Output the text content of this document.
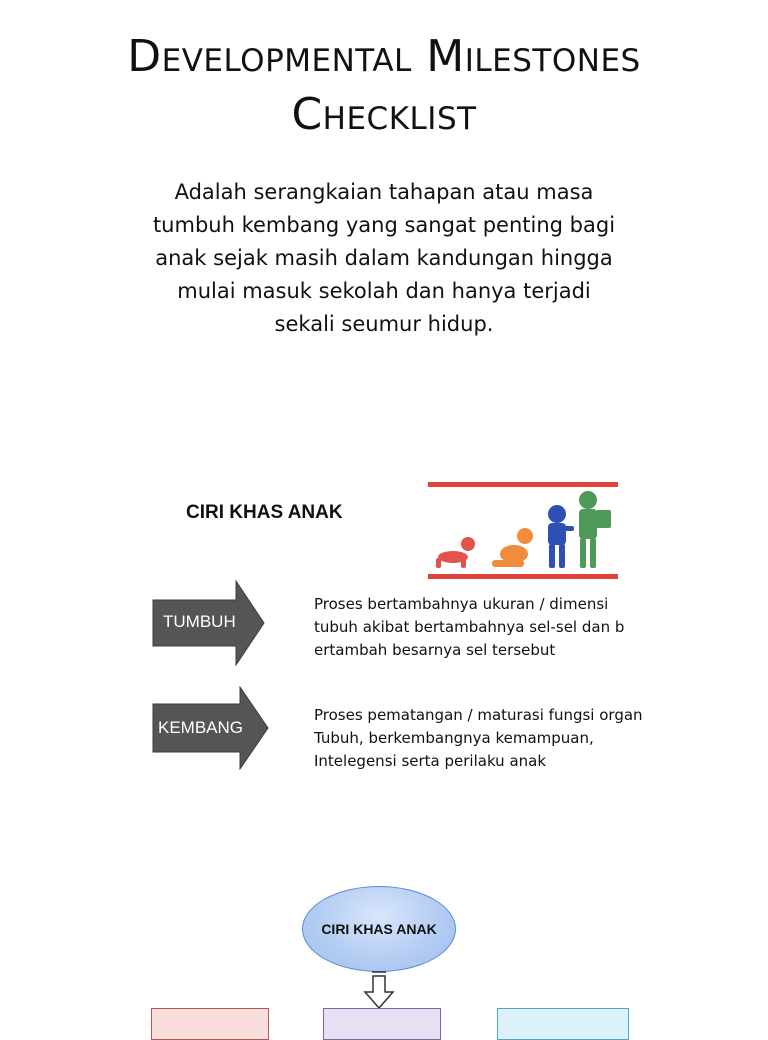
Developmental Milestones
Checklist
Adalah serangkaian tahapan atau masa
tumbuh kembang yang sangat penting bagi
anak sejak masih dalam kandungan hingga
mulai masuk sekolah dan hanya terjadi
sekali seumur hidup.
CIRI KHAS ANAK
TUMBUH
Proses bertambahnya ukuran / dimensi
tubuh akibat bertambahnya sel-sel dan b
ertambah besarnya sel tersebut
KEMBANG
Proses pematangan / maturasi fungsi organ
Tubuh, berkembangnya kemampuan,
Intelegensi serta perilaku anak
CIRI KHAS ANAK
